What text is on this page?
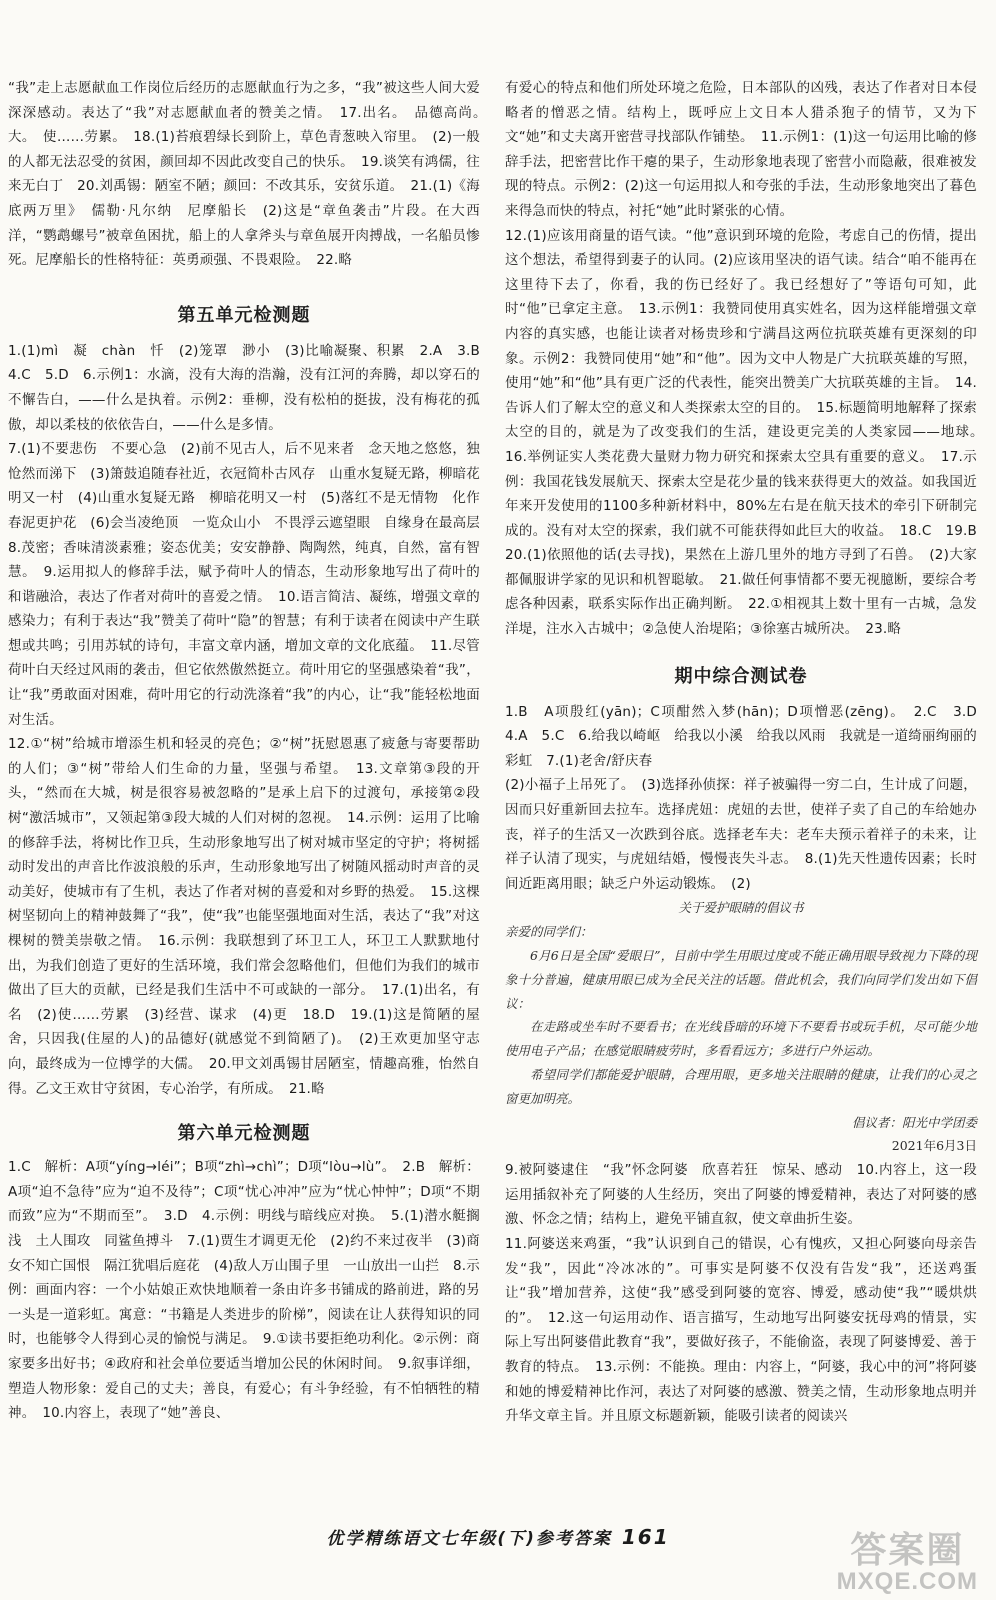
“我”走上志愿献血工作岗位后经历的志愿献血行为之多，“我”被这些人间大爱深深感动。表达了“我”对志愿献血者的赞美之情。　17.出名。　品德高尚。　大。　使……劳累。　18.(1)苔痕碧绿长到阶上，草色青葱映入帘里。　(2)一般的人都无法忍受的贫困，颜回却不因此改变自己的快乐。　19.谈笑有鸿儒，往来无白丁　20.刘禹锡：陋室不陋；颜回：不改其乐，安贫乐道。　21.(1)《海底两万里》　儒勒·凡尔纳　尼摩船长　(2)这是“章鱼袭击”片段。在大西洋，“鹦鹉螺号”被章鱼困扰，船上的人拿斧头与章鱼展开肉搏战，一名船员惨死。尼摩船长的性格特征：英勇顽强、不畏艰险。　22.略

第五单元检测题

1.(1)mì　凝　chàn　忏　(2)笼罩　渺小　(3)比喻凝聚、积累　2.A　3.B　4.C　5.D　6.示例1：水滴，没有大海的浩瀚，没有江河的奔腾，却以穿石的不懈告白，——什么是执着。示例2：垂柳，没有松柏的挺拔，没有梅花的孤傲，却以柔枝的依依告白，——什么是多情。
7.(1)不要悲伤　不要心急　(2)前不见古人，后不见来者　念天地之悠悠，独怆然而涕下　(3)箫鼓追随春社近，衣冠简朴古风存　山重水复疑无路，柳暗花明又一村　(4)山重水复疑无路　柳暗花明又一村　(5)落红不是无情物　化作春泥更护花　(6)会当凌绝顶　一览众山小　不畏浮云遮望眼　自缘身在最高层　8.茂密；香味清淡素雅；姿态优美；安安静静、陶陶然，纯真，自然，富有智慧。　9.运用拟人的修辞手法，赋予荷叶人的情态，生动形象地写出了荷叶的和谐融洽，表达了作者对荷叶的喜爱之情。　10.语言简洁、凝练，增强文章的感染力；有利于表达“我”赞美了荷叶“隐”的智慧；有利于读者在阅读中产生联想或共鸣；引用苏轼的诗句，丰富文章内涵，增加文章的文化底蕴。　11.尽管荷叶白天经过风雨的袭击，但它依然傲然挺立。荷叶用它的坚强感染着“我”，让“我”勇敢面对困难，荷叶用它的行动洗涤着“我”的内心，让“我”能轻松地面对生活。
12.①“树”给城市增添生机和轻灵的亮色；②“树”抚慰恩惠了疲惫与寄要帮助的人们；③“树”带给人们生命的力量，坚强与希望。　13.文章第③段的开头，“然而在大城，树是很容易被忽略的”是承上启下的过渡句，承接第②段树“激活城市”，又领起第③段大城的人们对树的忽视。　14.示例：运用了比喻的修辞手法，将树比作卫兵，生动形象地写出了树对城市坚定的守护；将树摇动时发出的声音比作波浪般的乐声，生动形象地写出了树随风摇动时声音的灵动美好，使城市有了生机，表达了作者对树的喜爱和对乡野的热爱。　15.这棵树坚韧向上的精神鼓舞了“我”，使“我”也能坚强地面对生活，表达了“我”对这棵树的赞美崇敬之情。　16.示例：我联想到了环卫工人，环卫工人默默地付出，为我们创造了更好的生活环境，我们常会忽略他们，但他们为我们的城市做出了巨大的贡献，已经是我们生活中不可或缺的一部分。　17.(1)出名，有名　(2)使……劳累　(3)经营、谋求　(4)更　18.D　19.(1)这是简陋的屋舍，只因我(住屋的人)的品德好(就感觉不到简陋了)。　(2)王欢更加坚守志向，最终成为一位博学的大儒。　20.甲文刘禹锡甘居陋室，情趣高雅，怡然自得。乙文王欢甘守贫困，专心治学，有所成。　21.略

第六单元检测题

1.C　解析：A项“yíng→léi”；B项“zhì→chì”；D项“lòu→lù”。　2.B　解析：A项“迫不急待”应为“迫不及待”；C项“忧心冲冲”应为“忧心忡忡”；D项“不期而致”应为“不期而至”。　3.D　4.示例：明线与暗线应对换。　5.(1)潜水艇搁浅　土人围攻　同鲨鱼搏斗　7.(1)贾生才调更无伦　(2)约不来过夜半　(3)商女不知亡国恨　隔江犹唱后庭花　(4)敌人万山围子里　一山放出一山拦　8.示例：画面内容：一个小姑娘正欢快地顺着一条由许多书铺成的路前进，路的另一头是一道彩虹。寓意：“书籍是人类进步的阶梯”，阅读在让人获得知识的同时，也能够令人得到心灵的愉悦与满足。　9.①读书要拒绝功利化。②示例：商家要多出好书；④政府和社会单位要适当增加公民的休闲时间。　9.叙事详细，塑造人物形象：爱自己的丈夫；善良，有爱心；有斗争经验，有不怕牺牲的精神。　10.内容上，表现了“她”善良、

有爱心的特点和他们所处环境之危险，日本部队的凶残，表达了作者对日本侵略者的憎恶之情。结构上，既呼应上文日本人猎杀狍子的情节，又为下文“她”和丈夫离开密营寻找部队作铺垫。　11.示例1：(1)这一句运用比喻的修辞手法，把密营比作干瘪的果子，生动形象地表现了密营小而隐蔽，很难被发现的特点。示例2：(2)这一句运用拟人和夸张的手法，生动形象地突出了暮色来得急而快的特点，衬托“她”此时紧张的心情。
12.(1)应该用商量的语气读。“他”意识到环境的危险，考虑自己的伤情，提出这个想法，希望得到妻子的认同。(2)应该用坚决的语气读。结合“咱不能再在这里待下去了，你看，我的伤已经好了。我已经想好了”等语句可知，此时“他”已拿定主意。　13.示例1：我赞同使用真实姓名，因为这样能增强文章内容的真实感，也能让读者对杨贵珍和宁满昌这两位抗联英雄有更深刻的印象。示例2：我赞同使用“她”和“他”。因为文中人物是广大抗联英雄的写照，使用“她”和“他”具有更广泛的代表性，能突出赞美广大抗联英雄的主旨。　14.告诉人们了解太空的意义和人类探索太空的目的。　15.标题简明地解释了探索太空的目的，就是为了改变我们的生活，建设更完美的人类家园——地球。　16.举例证实人类花费大量财力物力研究和探索太空具有重要的意义。　17.示例：我国花钱发展航天、探索太空是花少量的钱来获得更大的效益。如我国近年来开发使用的1100多种新材料中，80%左右是在航天技术的牵引下研制完成的。没有对太空的探索，我们就不可能获得如此巨大的收益。　18.C　19.B　20.(1)依照他的话(去寻找)，果然在上游几里外的地方寻到了石兽。　(2)大家都佩服讲学家的见识和机智聪敏。　21.做任何事情都不要无视臆断，要综合考虑各种因素，联系实际作出正确判断。　22.①相视其上数十里有一古城，急发洋堤，注水入古城中；②急使人治堤陷；③徐塞古城所决。　23.略

期中综合测试卷

1.B　A项殷红(yān)；C项酣然入梦(hān)；D项憎恶(zēng)。　2.C　3.D　4.A　5.C　6.给我以崎岖　给我以小溪　给我以风雨　我就是一道绮丽绚丽的彩虹　7.(1)老舍/舒庆春
(2)小福子上吊死了。　(3)选择孙侦探：祥子被骗得一穷二白，生计成了问题，因而只好重新回去拉车。选择虎妞：虎妞的去世，使祥子卖了自己的车给她办丧，祥子的生活又一次跌到谷底。选择老车夫：老车夫预示着祥子的未来，让祥子认清了现实，与虎妞结婚，慢慢丧失斗志。　8.(1)先天性遗传因素；长时间近距离用眼；缺乏户外运动锻炼。　(2)

关于爱护眼睛的倡议书

亲爱的同学们：

6月6日是全国“爱眼日”，目前中学生用眼过度或不能正确用眼导致视力下降的现象十分普遍，健康用眼已成为全民关注的话题。借此机会，我们向同学们发出如下倡议：

在走路或坐车时不要看书；在光线昏暗的环境下不要看书或玩手机，尽可能少地使用电子产品；在感觉眼睛疲劳时，多看看远方；多进行户外运动。

希望同学们都能爱护眼睛，合理用眼，更多地关注眼睛的健康，让我们的心灵之窗更加明亮。

倡议者：阳光中学团委

2021年6月3日

9.被阿婆逮住　“我”怀念阿婆　欣喜若狂　惊呆、感动　10.内容上，这一段运用插叙补充了阿婆的人生经历，突出了阿婆的博爱精神，表达了对阿婆的感激、怀念之情；结构上，避免平铺直叙，使文章曲折生姿。
11.阿婆送来鸡蛋，“我”认识到自己的错误，心有愧疚，又担心阿婆向母亲告发“我”，因此“冷冰冰的”。可事实是阿婆不仅没有告发“我”，还送鸡蛋让“我”增加营养，这使“我”感受到阿婆的宽容、博爱，感动使“我”“暖烘烘的”。　12.这一句运用动作、语言描写，生动地写出阿婆安抚母鸡的情景，实际上写出阿婆借此教育“我”，要做好孩子，不能偷盗，表现了阿婆博爱、善于教育的特点。　13.示例：不能换。理由：内容上，“阿婆，我心中的河”将阿婆和她的博爱精神比作河，表达了对阿婆的感激、赞美之情，生动形象地点明并升华文章主旨。并且原文标题新颖，能吸引读者的阅读兴

优学精练语文七年级(下)参考答案 161	答案圈
MXQE.COM
